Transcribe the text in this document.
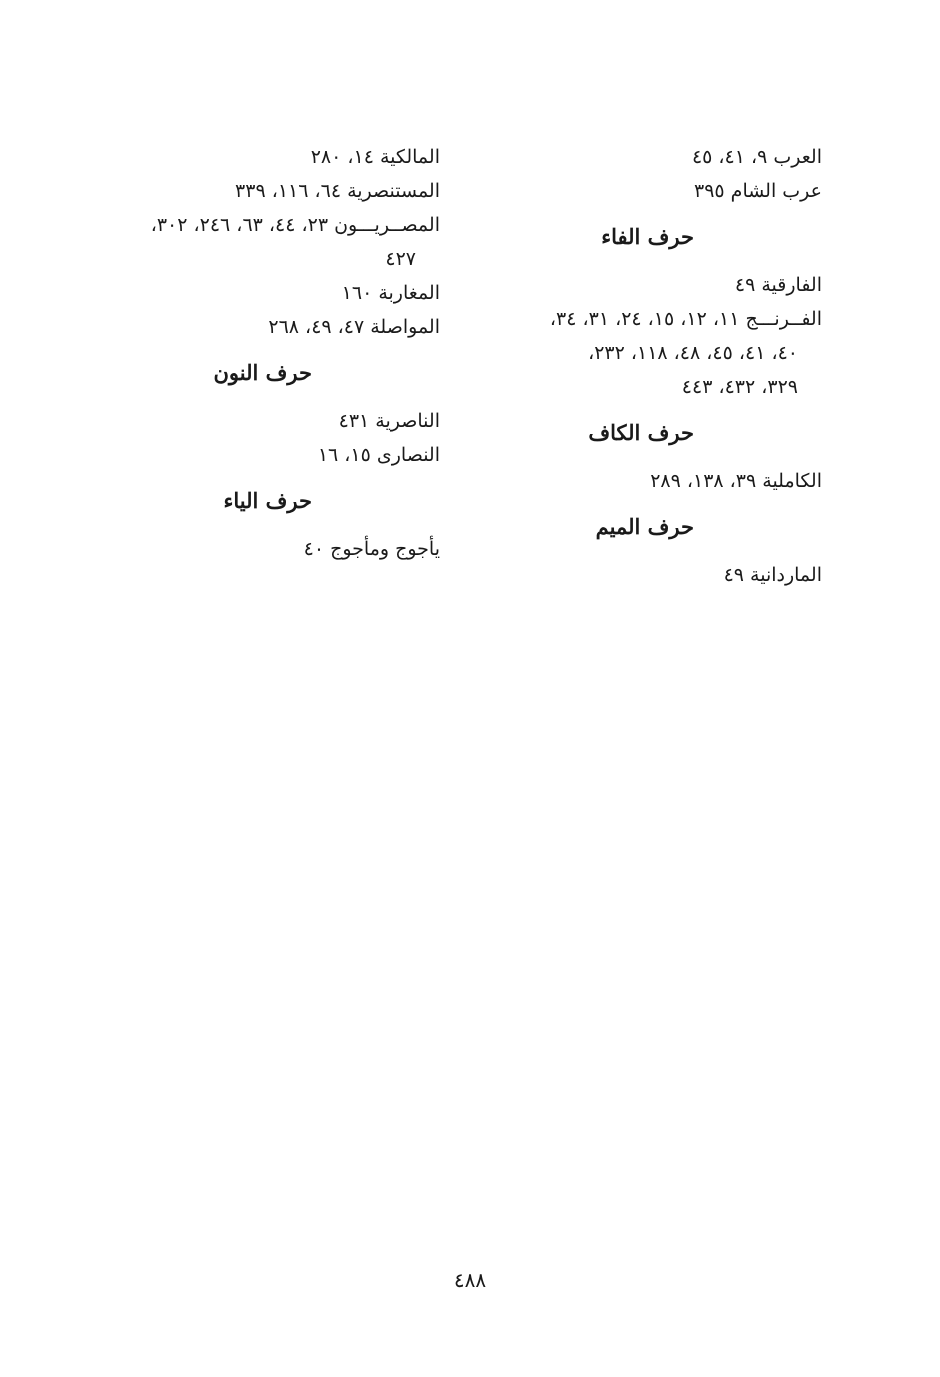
العرب ٩، ٤١، ٤٥

عرب الشام ٣٩٥

حرف الفاء

الفارقية ٤٩

الفــرنـــج ١١، ١٢، ١٥، ٢٤، ٣١، ٣٤،
٤٠، ٤١، ٤٥، ٤٨، ١١٨، ٢٣٢،
٣٢٩، ٤٣٢، ٤٤٣
حرف الكاف

الكاملية ٣٩، ١٣٨، ٢٨٩

حرف الميم

الماردانية ٤٩

المالكية ١٤، ٢٨٠

المستنصرية ٦٤، ١١٦، ٣٣٩

المصــريـــون ٢٣، ٤٤، ٦٣، ٢٤٦، ٣٠٢،
٤٢٧

المغاربة ١٦٠

المواصلة ٤٧، ٤٩، ٢٦٨

حرف النون

الناصرية ٤٣١

النصارى ١٥، ١٦

حرف الياء

يأجوج ومأجوج ٤٠

٤٨٨
